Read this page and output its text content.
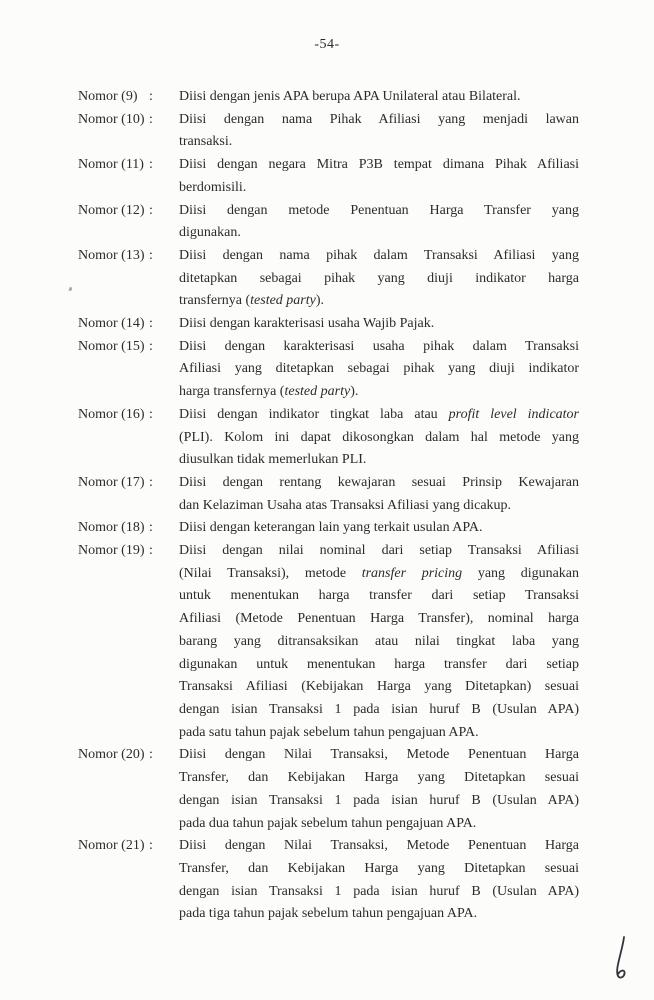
-54-
Nomor (9) :	Diisi dengan jenis APA berupa APA Unilateral atau Bilateral.
Nomor (10) :	Diisi dengan nama Pihak Afiliasi yang menjadi lawan
transaksi.
Nomor (11) :	Diisi dengan negara Mitra P3B tempat dimana Pihak Afiliasi
berdomisili.
Nomor (12) :	Diisi dengan metode Penentuan Harga Transfer yang
digunakan.
Nomor (13) :	Diisi dengan nama pihak dalam Transaksi Afiliasi yang
ditetapkan sebagai pihak yang diuji indikator harga
transfernya (tested party).
Nomor (14) :	Diisi dengan karakterisasi usaha Wajib Pajak.
Nomor (15) :	Diisi dengan karakterisasi usaha pihak dalam Transaksi
Afiliasi yang ditetapkan sebagai pihak yang diuji indikator
harga transfernya (tested party).
Nomor (16) :	Diisi dengan indikator tingkat laba atau profit level indicator
(PLI). Kolom ini dapat dikosongkan dalam hal metode yang
diusulkan tidak memerlukan PLI.
Nomor (17) :	Diisi dengan rentang kewajaran sesuai Prinsip Kewajaran
dan Kelaziman Usaha atas Transaksi Afiliasi yang dicakup.
Nomor (18) :	Diisi dengan keterangan lain yang terkait usulan APA.
Nomor (19) :	Diisi dengan nilai nominal dari setiap Transaksi Afiliasi
(Nilai Transaksi), metode transfer pricing yang digunakan
untuk menentukan harga transfer dari setiap Transaksi
Afiliasi (Metode Penentuan Harga Transfer), nominal harga
barang yang ditransaksikan atau nilai tingkat laba yang
digunakan untuk menentukan harga transfer dari setiap
Transaksi Afiliasi (Kebijakan Harga yang Ditetapkan) sesuai
dengan isian Transaksi 1 pada isian huruf B (Usulan APA)
pada satu tahun pajak sebelum tahun pengajuan APA.
Nomor (20) :	Diisi dengan Nilai Transaksi, Metode Penentuan Harga
Transfer, dan Kebijakan Harga yang Ditetapkan sesuai
dengan isian Transaksi 1 pada isian huruf B (Usulan APA)
pada dua tahun pajak sebelum tahun pengajuan APA.
Nomor (21) :	Diisi dengan Nilai Transaksi, Metode Penentuan Harga
Transfer, dan Kebijakan Harga yang Ditetapkan sesuai
dengan isian Transaksi 1 pada isian huruf B (Usulan APA)
pada tiga tahun pajak sebelum tahun pengajuan APA.
